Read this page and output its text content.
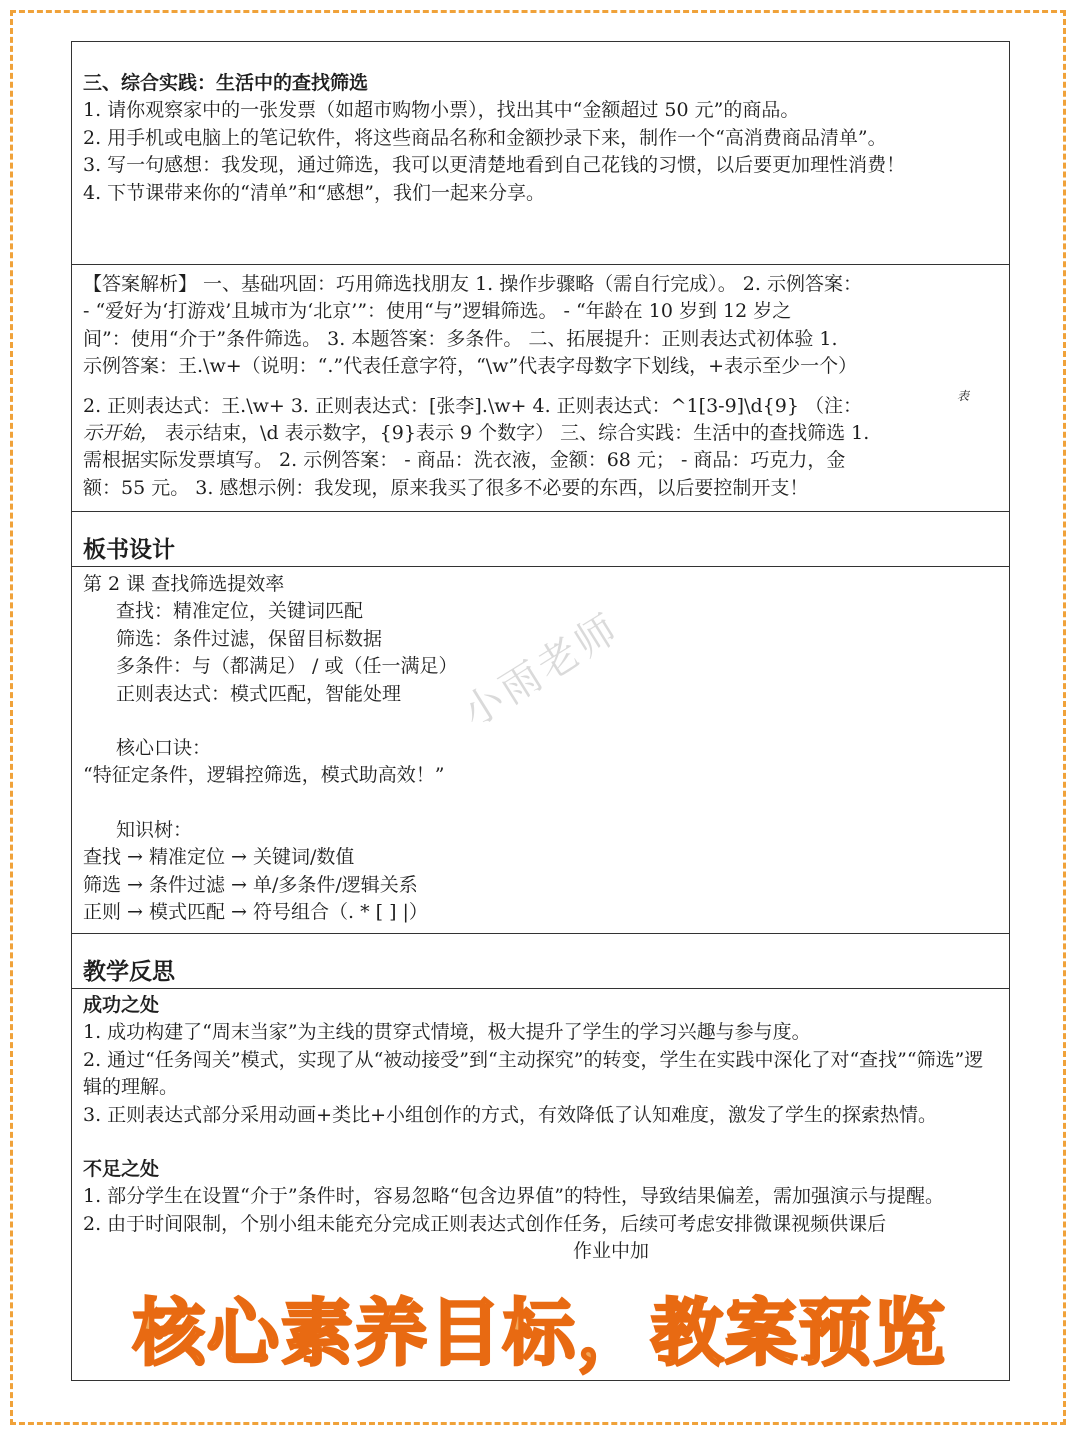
三、综合实践：生活中的查找筛选

1. 请你观察家中的一张发票（如超市购物小票），找出其中“金额超过 50 元”的商品。

2. 用手机或电脑上的笔记软件，将这些商品名称和金额抄录下来，制作一个“高消费商品清单”。

3. 写一句感想：我发现，通过筛选，我可以更清楚地看到自己花钱的习惯，以后要更加理性消费！

4. 下节课带来你的“清单”和“感想”，我们一起来分享。

【答案解析】 一、基础巩固：巧用筛选找朋友 1. 操作步骤略（需自行完成）。 2. 示例答案：

- “爱好为‘打游戏’且城市为‘北京’”：使用“与”逻辑筛选。 - “年龄在 10 岁到 12 岁之

间”：使用“介于”条件筛选。 3. 本题答案：多条件。 二、拓展提升：正则表达式初体验 1.

示例答案：王.\w+（说明：“.”代表任意字符，“\w”代表字母数字下划线，+表示至少一个）

表

2. 正则表达式：王.\w+ 3. 正则表达式：[张李].\w+ 4. 正则表达式：^1[3-9]\d{9} （注：

示开始， 表示结束，\d 表示数字，{9}表示 9 个数字） 三、综合实践：生活中的查找筛选 1.

需根据实际发票填写。 2. 示例答案： - 商品：洗衣液，金额：68 元； - 商品：巧克力，金

额：55 元。 3. 感想示例：我发现，原来我买了很多不必要的东西，以后要控制开支！

板书设计

第 2 课 查找筛选提效率

查找：精准定位，关键词匹配

筛选：条件过滤，保留目标数据

多条件：与（都满足） / 或（任一满足）

正则表达式：模式匹配，智能处理

核心口诀：

“特征定条件，逻辑控筛选，模式助高效！”

知识树：

查找 → 精准定位 → 关键词/数值

筛选 → 条件过滤 → 单/多条件/逻辑关系

正则 → 模式匹配 → 符号组合（. * [ ] |）

教学反思

成功之处

1. 成功构建了“周末当家”为主线的贯穿式情境，极大提升了学生的学习兴趣与参与度。

2. 通过“任务闯关”模式，实现了从“被动接受”到“主动探究”的转变，学生在实践中深化了对“查找”“筛选”逻辑的理解。

3. 正则表达式部分采用动画+类比+小组创作的方式，有效降低了认知难度，激发了学生的探索热情。

不足之处

1. 部分学生在设置“介于”条件时，容易忽略“包含边界值”的特性，导致结果偏差，需加强演示与提醒。

2. 由于时间限制，个别小组未能充分完成正则表达式创作任务，后续可考虑安排微课视频供课后

作业中加

小雨老师
核心素养目标，教案预览
